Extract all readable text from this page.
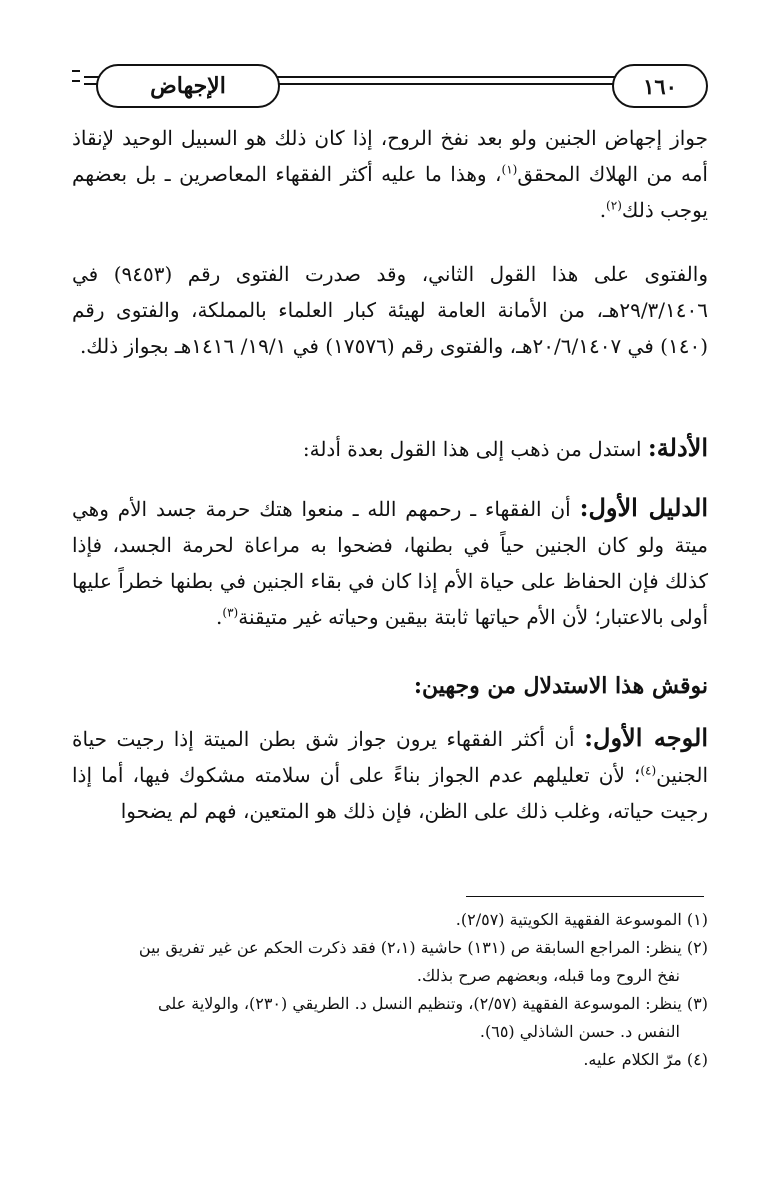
الإجهاض	١٦٠

جواز إجهاض الجنين ولو بعد نفخ الروح، إذا كان ذلك هو السبيل الوحيد لإنقاذ أمه من الهلاك المحقق$^{(١)}$، وهذا ما عليه أكثر الفقهاء المعاصرين ـ بل بعضهم يوجب ذلك$^{(٢)}$.

والفتوى على هذا القول الثاني، وقد صدرت الفتوى رقم (٩٤٥٣) في ٢٩/٣/١٤٠٦هـ، من الأمانة العامة لهيئة كبار العلماء بالمملكة، والفتوى رقم (١٤٠) في ٢٠/٦/١٤٠٧هـ، والفتوى رقم (١٧٥٧٦) في ١٩/١/ ١٤١٦هـ بجواز ذلك.

الأدلة: استدل من ذهب إلى هذا القول بعدة أدلة:

الدليل الأول: أن الفقهاء ـ رحمهم الله ـ منعوا هتك حرمة جسد الأم وهي ميتة ولو كان الجنين حياً في بطنها، فضحوا به مراعاة لحرمة الجسد، فإذا كذلك فإن الحفاظ على حياة الأم إذا كان في بقاء الجنين في بطنها خطراً عليها أولى بالاعتبار؛ لأن الأم حياتها ثابتة بيقين وحياته غير متيقنة$^{(٣)}$.

نوقش هذا الاستدلال من وجهين:

الوجه الأول: أن أكثر الفقهاء يرون جواز شق بطن الميتة إذا رجيت حياة الجنين$^{(٤)}$؛ لأن تعليلهم عدم الجواز بناءً على أن سلامته مشكوك فيها، أما إذا رجيت حياته، وغلب ذلك على الظن، فإن ذلك هو المتعين، فهم لم يضحوا

(١) الموسوعة الفقهية الكويتية (٢/٥٧).

(٢) ينظر: المراجع السابقة ص (١٣١) حاشية (٢،١) فقد ذكرت الحكم عن غير تفريق بين

نفخ الروح وما قبله، وبعضهم صرح بذلك.

(٣) ينظر: الموسوعة الفقهية (٢/٥٧)، وتنظيم النسل د. الطريقي (٢٣٠)، والولاية على

النفس د. حسن الشاذلي (٦٥).

(٤) مرّ الكلام عليه.
